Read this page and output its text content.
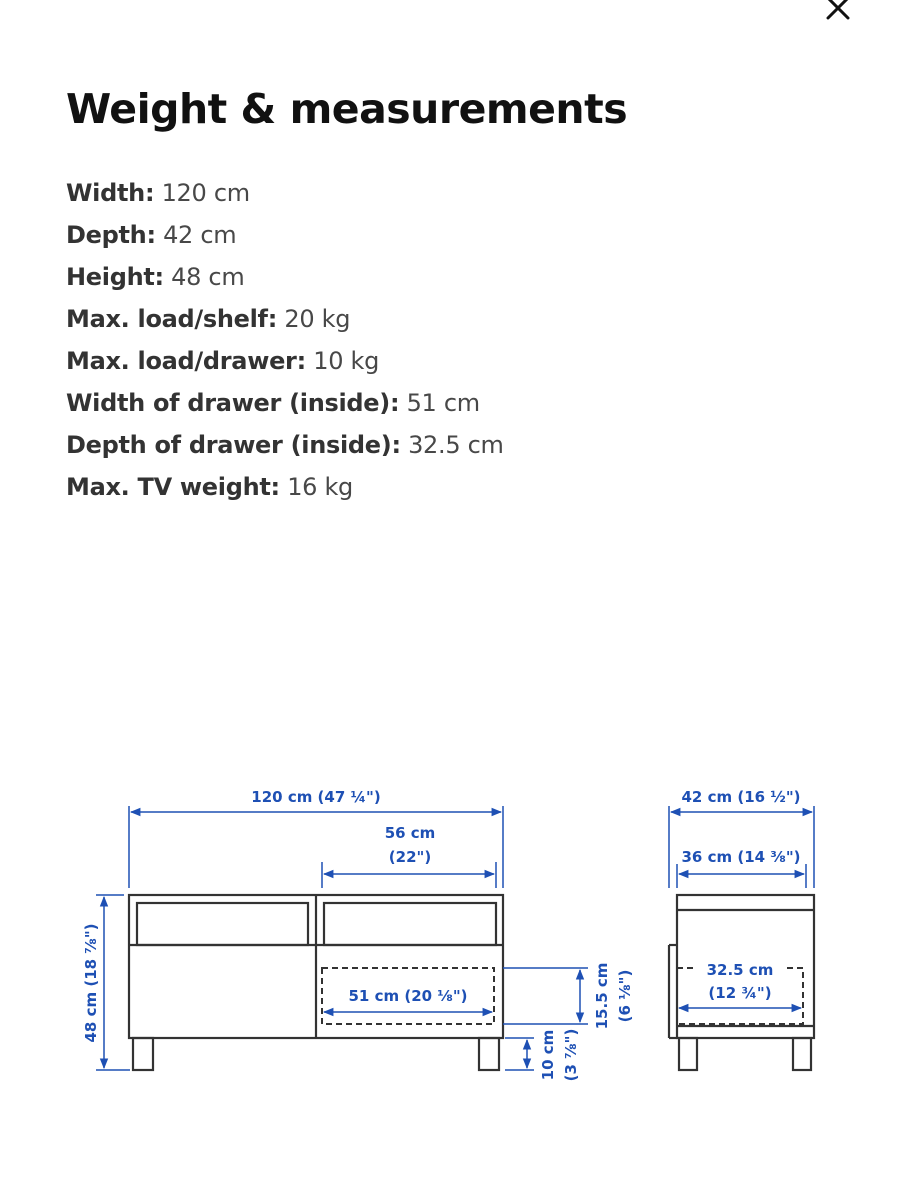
Weight & measurements
Width: 120 cm
Depth: 42 cm
Height: 48 cm
Max. load/shelf: 20 kg
Max. load/drawer: 10 kg
Width of drawer (inside): 51 cm
Depth of drawer (inside): 32.5 cm
Max. TV weight: 16 kg
120 cm (47 ¼")
56 cm
(22")
51 cm (20 ⅛")
48 cm (18 ⅞")	15.5 cm (6 ⅛")
10 cm (3 ⅞")
42 cm (16 ½")
36 cm (14 ⅜")
32.5 cm
(12 ¾")
